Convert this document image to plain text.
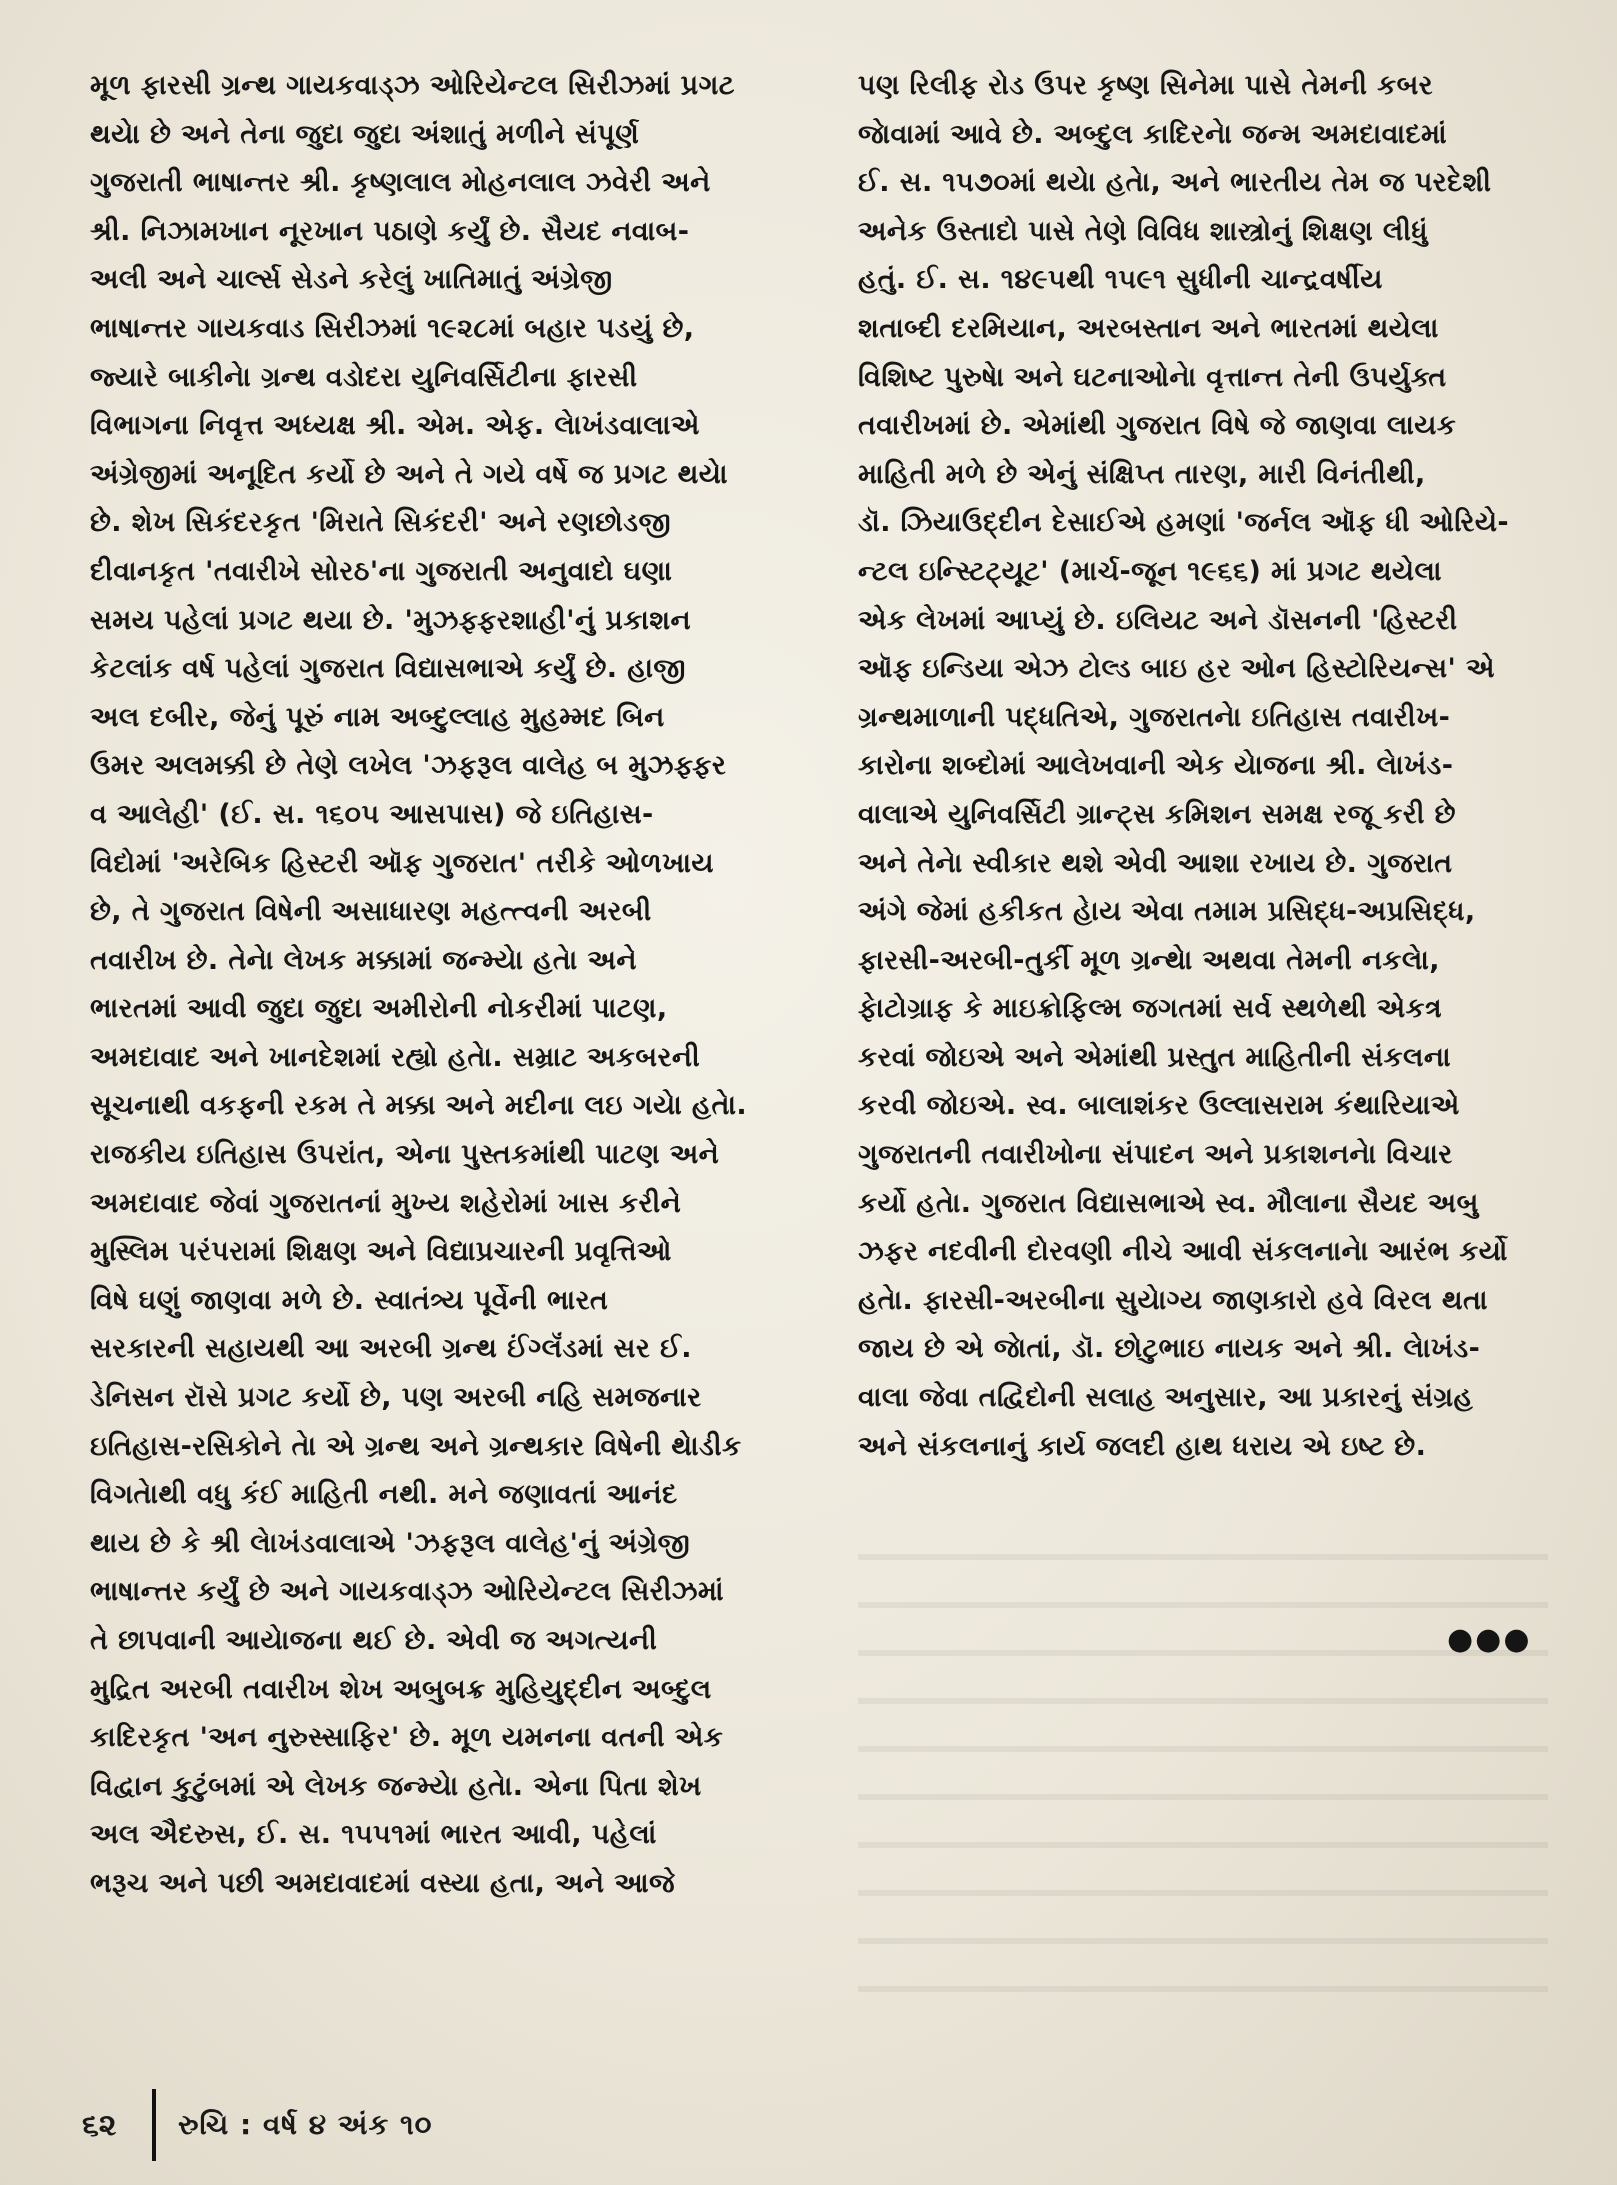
મૂળ ફારસી ગ્રન્થ ગાયકવાડ્ઝ ઓરિયેન્ટલ સિરીઝમાં પ્રગટ
થયેા છે અને તેના જુદા જુદા અંશાતું મળીને સંપૂર્ણ
ગુજરાતી ભાષાન્તર શ્રી. કૃષ્ણલાલ મોહનલાલ ઝવેરી અને
શ્રી. નિઝામખાન નૂરખાન પઠાણે કર્યું છે. સૈયદ નવાબ-
અલી અને ચાર્લ્સ સેડને કરેલું ખાતિમાતું અંગ્રેજી
ભાષાન્તર ગાયકવાડ સિરીઝમાં ૧૯૨૮માં બહાર પડયું છે,
જ્યારે બાકીનેા ગ્રન્થ વડોદરા યુનિવર્સિટીના ફારસી
વિભાગના નિવૃત્ત અધ્યક્ષ શ્રી. એમ. એફ. લેાખંડવાલાએ
અંગ્રેજીમાં અનૂદિત કર્યો છે અને તે ગયે વર્ષે જ પ્રગટ થયેા
છે. શેખ સિકંદરકૃત 'મિરાતે સિકંદરી' અને રણછોડજી
દીવાનકૃત 'તવારીખે સોરઠ'ના ગુજરાતી અનુવાદો ઘણા
સમય પહેલાં પ્રગટ થયા છે. 'મુઝફ્ફરશાહી'નું પ્રકાશન
કેટલાંક વર્ષ પહેલાં ગુજરાત વિદ્યાસભાએ કર્યું છે. હાજી
અલ દબીર, જેનું પૂરું નામ અબ્દુલ્લાહ મુહમ્મદ બિન
ઉમર અલમક્કી છે તેણે લખેલ 'ઝફરૂલ વાલેહ બ મુઝફ્ફર
વ આલેહી' (ઈ. સ. ૧૬૦૫ આસપાસ) જે ઇતિહાસ-
વિદોમાં 'અરેબિક હિસ્ટરી ઑફ ગુજરાત' તરીકે ઓળખાય
છે, તે ગુજરાત વિષેની અસાધારણ મહત્ત્વની અરબી
તવારીખ છે. તેનેા લેખક મક્કામાં જન્મ્યેા હતેા અને
ભારતમાં આવી જુદા જુદા અમીરોની નોકરીમાં પાટણ,
અમદાવાદ અને ખાનદેશમાં રહ્યો હતેા. સમ્રાટ અકબરની
સૂચનાથી વકફની રકમ તે મક્કા અને મદીના લઇ ગયેા હતેા.
રાજકીય ઇતિહાસ ઉપરાંત, એના પુસ્તકમાંથી પાટણ અને
અમદાવાદ જેવાં ગુજરાતનાં મુખ્ય શહેરોમાં ખાસ કરીને
મુસ્લિમ પરંપરામાં શિક્ષણ અને વિદ્યાપ્રચારની પ્રવૃત્તિઓ
વિષે ઘણું જાણવા મળે છે. સ્વાતંત્ર્ય પૂર્વેની ભારત
સરકારની સહાયથી આ અરબી ગ્રન્થ ઈંગ્લૅંડમાં સર ઈ.
ડેનિસન રૉસે પ્રગટ કર્યો છે, પણ અરબી નહિ સમજનાર
ઇતિહાસ-રસિકોને તેા એ ગ્રન્થ અને ગ્રન્થકાર વિષેની થેાડીક
વિગતેાથી વધુ કંઈ માહિતી નથી. મને જણાવતાં આનંદ
થાય છે કે શ્રી લેાખંડવાલાએ 'ઝફરૂલ વાલેહ'નું અંગ્રેજી
ભાષાન્તર કર્યું છે અને ગાયકવાડ્ઝ ઓરિયેન્ટલ સિરીઝમાં
તે છાપવાની આયેાજના થઈ છે. એવી જ અગત્યની
મુદ્રિત અરબી તવારીખ શેખ અબુબક્ર મુહિયુદ્દીન અબ્દુલ
કાદિરકૃત 'અન નુરુસ્સાફિર' છે. મૂળ યમનના વતની એક
વિદ્વાન કુટુંબમાં એ લેખક જન્મ્યેા હતેા. એના પિતા શેખ
અલ ઐદરુસ, ઈ. સ. ૧૫૫૧માં ભારત આવી, પહેલાં
ભરૂચ અને પછી અમદાવાદમાં વસ્યા હતા, અને આજે
પણ રિલીફ રોડ ઉપર કૃષ્ણ સિનેમા પાસે તેમની કબર
જેાવામાં આવે છે. અબ્દુલ કાદિરનેા જન્મ અમદાવાદમાં
ઈ. સ. ૧૫૭૦માં થયેા હતેા, અને ભારતીય તેમ જ પરદેશી
અનેક ઉસ્તાદો પાસે તેણે વિવિધ શાસ્ત્રોનું શિક્ષણ લીધું
હતું. ઈ. સ. ૧૪૯૫થી ૧૫૯૧ સુધીની ચાન્દ્રવર્ષીય
શતાબ્દી દરમિયાન, અરબસ્તાન અને ભારતમાં થયેલા
વિશિષ્ટ પુરુષેા અને ઘટનાઓનેા વૃત્તાન્ત તેની ઉપર્યુક્ત
તવારીખમાં છે. એમાંથી ગુજરાત વિષે જે જાણવા લાયક
માહિતી મળે છે એનું સંક્ષિપ્ત તારણ, મારી વિનંતીથી,
ડૉ. ઝિયાઉદ્દીન દેસાઈએ હમણાં 'જર્નલ ઑફ ધી ઓરિયે-
ન્ટલ ઇન્સ્ટિટ્યૂટ' (માર્ચ-જૂન ૧૯૬૬) માં પ્રગટ થયેલા
એક લેખમાં આપ્યું છે. ઇલિયટ અને ડૉસનની 'હિસ્ટરી
ઑફ ઇન્ડિયા એઝ ટોલ્ડ બાઇ હર ઓન હિસ્ટોરિયન્સ' એ
ગ્રન્થમાળાની પદ્ધતિએ, ગુજરાતનેા ઇતિહાસ તવારીખ-
કારોના શબ્દોમાં આલેખવાની એક યેાજના શ્રી. લેાખંડ-
વાલાએ યુનિવર્સિટી ગ્રાન્ટ્સ કમિશન સમક્ષ રજૂ કરી છે
અને તેનેા સ્વીકાર થશે એવી આશા રખાય છે. ગુજરાત
અંગે જેમાં હકીકત હેાય એવા તમામ પ્રસિદ્ધ-અપ્રસિદ્ધ,
ફારસી-અરબી-તુર્કી મૂળ ગ્રન્થેા અથવા તેમની નકલેા,
ફેાટોગ્રાફ કે માઇક્રોફિલ્મ જગતમાં સર્વ સ્થળેથી એકત્ર
કરવાં જોઇએ અને એમાંથી પ્રસ્તુત માહિતીની સંકલના
કરવી જોઇએ. સ્વ. બાલાશંકર ઉલ્લાસરામ કંથારિયાએ
ગુજરાતની તવારીખોના સંપાદન અને પ્રકાશનનેા વિચાર
કર્યો હતેા. ગુજરાત વિદ્યાસભાએ સ્વ. મૌલાના સૈયદ અબુ
ઝફર નદવીની દોરવણી નીચે આવી સંકલનાનેા આરંભ કર્યો
હતેા. ફારસી-અરબીના સુયેાગ્ય જાણકારો હવે વિરલ થતા
જાય છે એ જેાતાં, ડૉ. છોટુભાઇ નાયક અને શ્રી. લેાખંડ-
વાલા જેવા તદ્વિદોની સલાહ અનુસાર, આ પ્રકારનું સંગ્રહ
અને સંકલનાનું કાર્ય જલદી હાથ ધરાય એ ઇષ્ટ છે.
●●●
૬૨	રુચિ : વર્ષ ૪ અંક ૧૦
